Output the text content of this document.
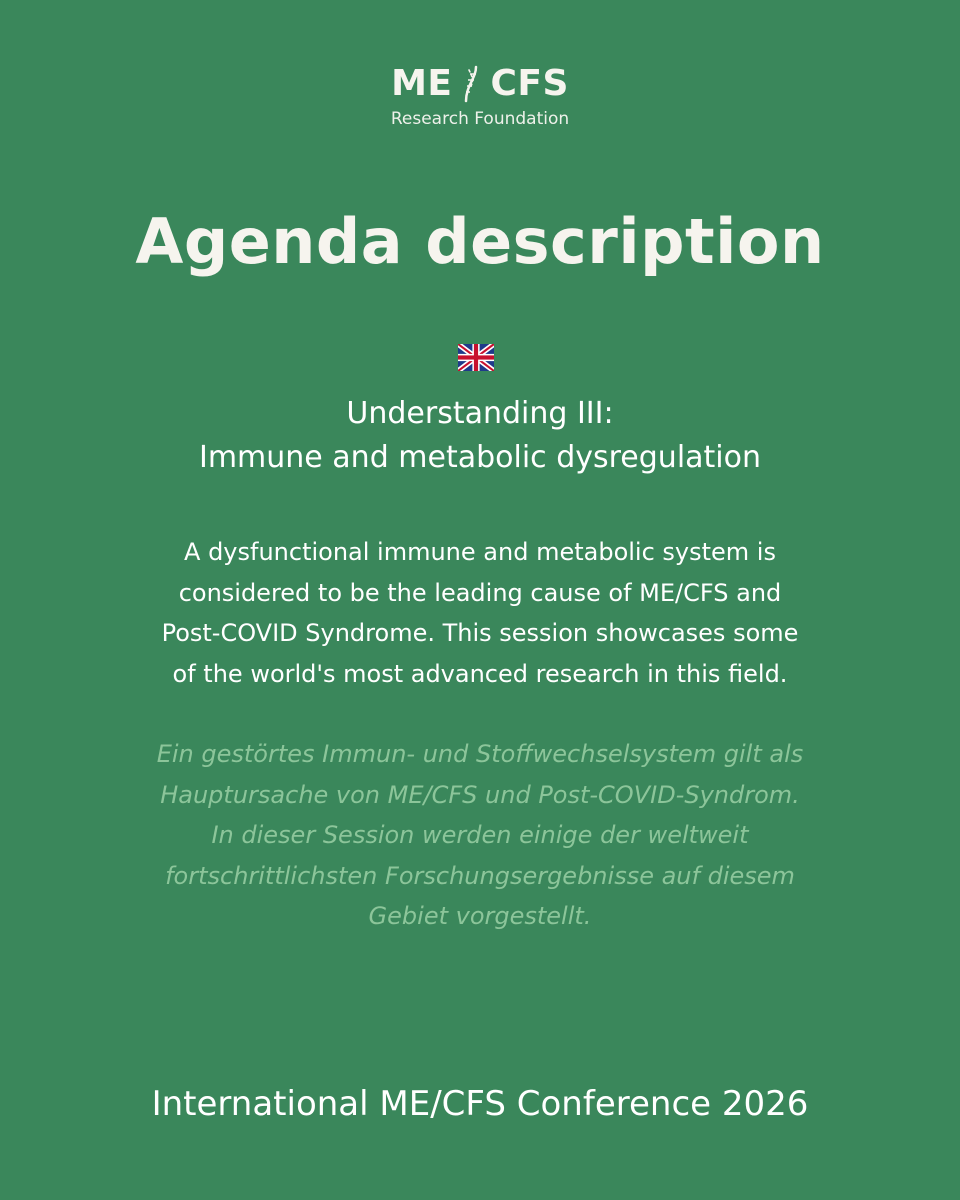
ME CFS
Research Foundation
Agenda description
Understanding III:
Immune and metabolic dysregulation
A dysfunctional immune and metabolic system is
considered to be the leading cause of ME/CFS and
Post-COVID Syndrome. This session showcases some
of the world's most advanced research in this field.
Ein gestörtes Immun- und Stoffwechselsystem gilt als
Hauptursache von ME/CFS und Post-COVID-Syndrom.
In dieser Session werden einige der weltweit
fortschrittlichsten Forschungsergebnisse auf diesem
Gebiet vorgestellt.
International ME/CFS Conference 2026
